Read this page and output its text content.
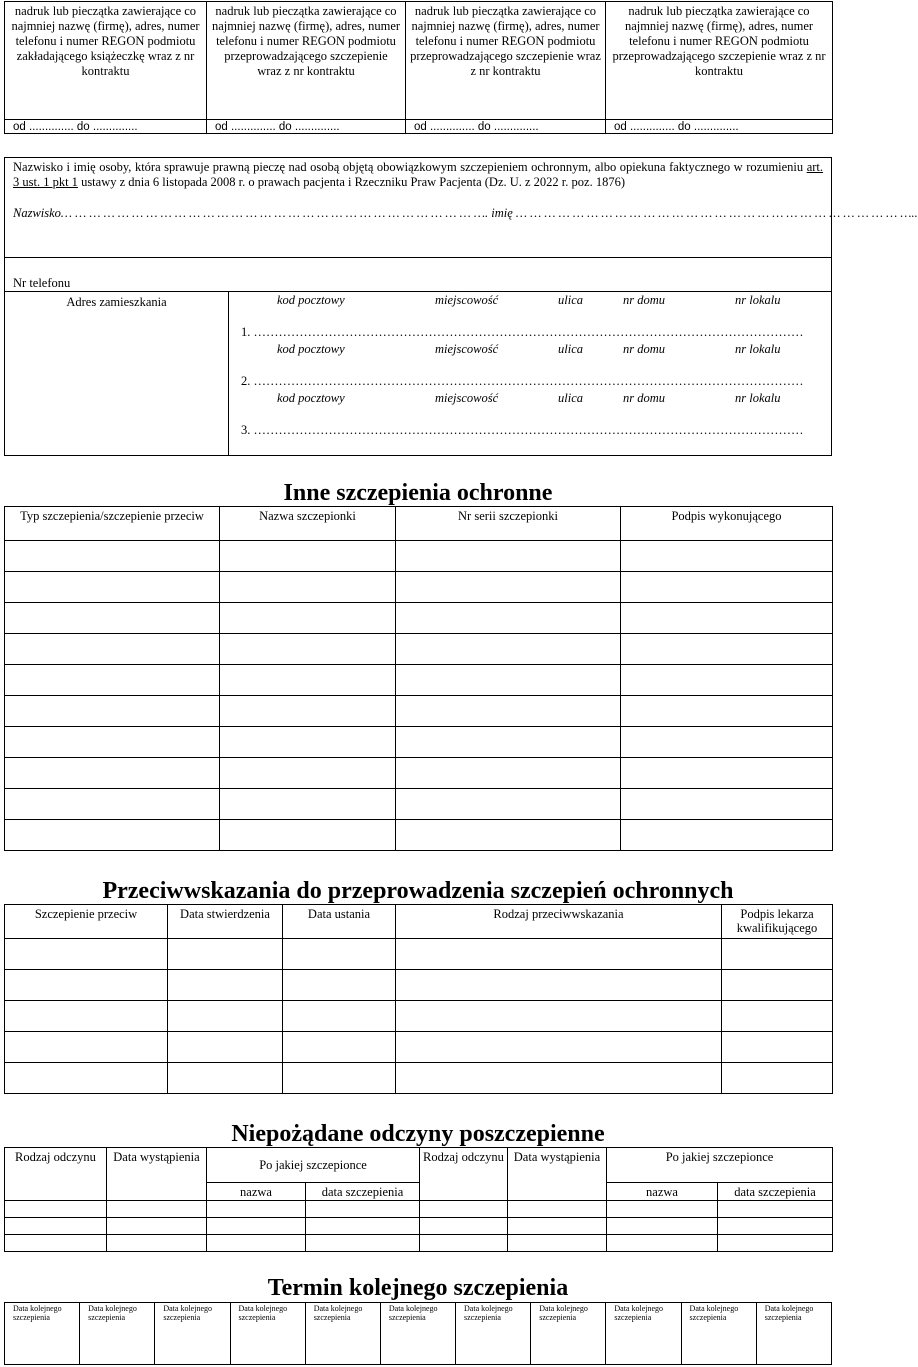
nadruk lub pieczątka zawierające co najmniej nazwę (firmę), adres, numer telefonu i numer REGON podmiotu zakładającego książeczkę wraz z nr kontraktu	nadruk lub pieczątka zawierające co najmniej nazwę (firmę), adres, numer telefonu i numer REGON podmiotu przeprowadzającego szczepienie wraz z nr kontraktu	nadruk lub pieczątka zawierające co najmniej nazwę (firmę), adres, numer telefonu i numer REGON podmiotu przeprowadzającego szczepienie wraz z nr kontraktu	nadruk lub pieczątka zawierające co najmniej nazwę (firmę), adres, numer telefonu i numer REGON podmiotu przeprowadzającego szczepienie wraz z nr kontraktu
od .............. do ..............	od .............. do ..............	od .............. do ..............	od .............. do ..............
Nazwisko i imię osoby, która sprawuje prawną pieczę nad osobą objętą obowiązkowym szczepieniem ochronnym, albo opiekuna faktycznego w rozumieniu art. 3 ust. 1 pkt 1 ustawy z dnia 6 listopada 2008 r. o prawach pacjenta i Rzeczniku Praw Pacjenta (Dz. U. z 2022 r. poz. 1876)
Nazwisko… … … … … … … … … … … … … … … … … … … … … … … … … … … … … …. imię … … … … … … … … … … … … … … … … … … … … … … … … … … … …..

Nr telefonu
Adres zamieszkania	kod pocztowy	miejscowość	ulica	nr domu	nr lokalu
1. ……………………………………………………………………………………………………………………
kod pocztowy	miejscowość	ulica	nr domu	nr lokalu
2. ……………………………………………………………………………………………………………………
kod pocztowy	miejscowość	ulica	nr domu	nr lokalu
3. ……………………………………………………………………………………………………………………
Inne szczepienia ochronne
Typ szczepienia/szczepienie przeciw	Nazwa szczepionki	Nr serii szczepionki	Podpis wykonującego

Przeciwwskazania do przeprowadzenia szczepień ochronnych
Szczepienie przeciw	Data stwierdzenia	Data ustania	Rodzaj przeciwwskazania	Podpis lekarza kwalifikującego

Niepożądane odczyny poszczepienne
Rodzaj odczynu	Data wystąpienia	Po jakiej szczepionce		Rodzaj odczynu	Data wystąpienia	Po jakiej szczepionce	
		nazwa	data szczepienia			nazwa	data szczepienia

Termin kolejnego szczepienia
Data kolejnego szczepienia	Data kolejnego szczepienia	Data kolejnego szczepienia	Data kolejnego szczepienia	Data kolejnego szczepienia	Data kolejnego szczepienia	Data kolejnego szczepienia	Data kolejnego szczepienia	Data kolejnego szczepienia	Data kolejnego szczepienia	Data kolejnego szczepienia
